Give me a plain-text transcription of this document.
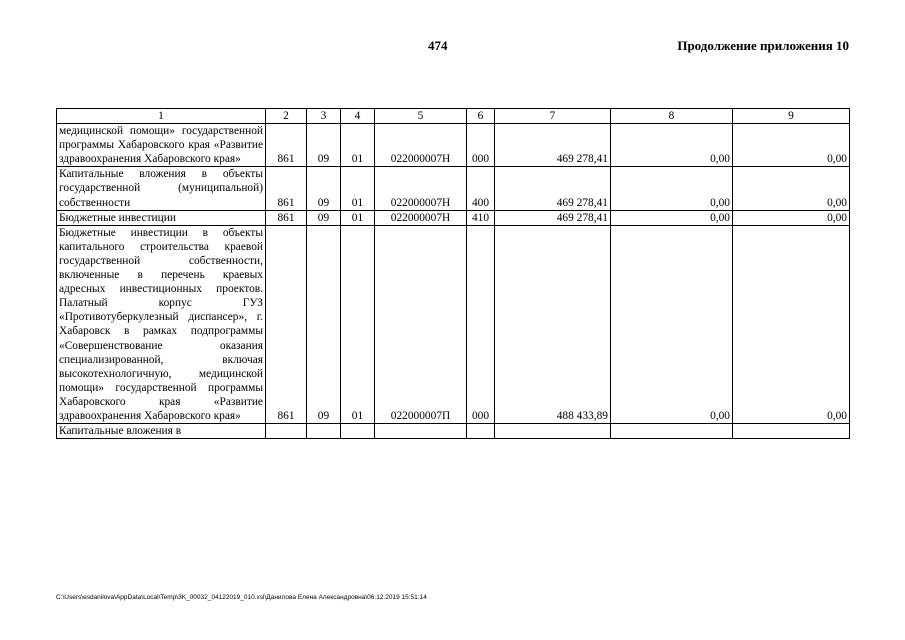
474	Продолжение приложения 10
1	2	3	4	5	6	7	8	9
медицинской помощи» государственной программы Хабаровского края «Развитие здравоохранения Хабаровского края»	861	09	01	022000007Н	000	469 278,41	0,00	0,00
Капитальные вложения в объекты государственной (муниципальной) собственности	861	09	01	022000007Н	400	469 278,41	0,00	0,00
Бюджетные инвестиции	861	09	01	022000007Н	410	469 278,41	0,00	0,00
Бюджетные инвестиции в объекты капитального строительства краевой государственной собственности, включенные в перечень краевых адресных инвестиционных проектов. Палатный корпус ГУЗ «Противотуберкулезный диспансер», г. Хабаровск в рамках подпрограммы «Совершенствование оказания специализированной, включая высокотехнологичную, медицинской помощи» государственной программы Хабаровского края «Развитие здравоохранения Хабаровского края»	861	09	01	022000007П	000	488 433,89	0,00	0,00
Капитальные вложения в								
C:\Users\esdanilova\AppData\Local\Temp\3K_00032_04122019_010.xsl\Данилова Елена Александровна\06.12.2019 15:51:14
